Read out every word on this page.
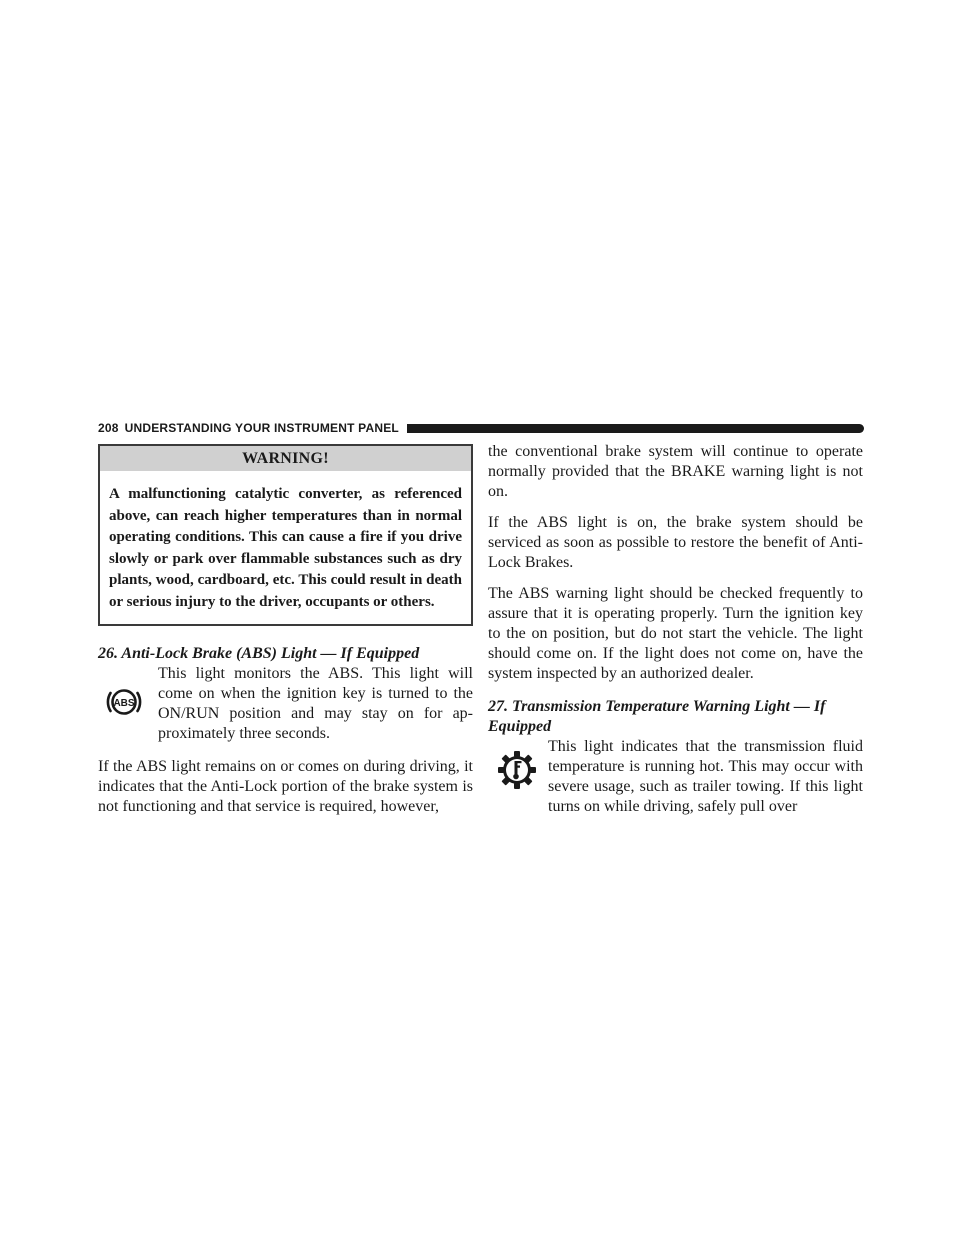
208 UNDERSTANDING YOUR INSTRUMENT PANEL
WARNING!
A malfunctioning catalytic converter, as referenced above, can reach higher temperatures than in normal operating conditions. This can cause a fire if you drive slowly or park over flammable substances such as dry plants, wood, cardboard, etc. This could result in death or serious injury to the driver, occupants or others.

26. Anti-Lock Brake (ABS) Light — If Equipped

ABS

This light monitors the ABS. This light will come on when the ignition key is turned to the ON/RUN position and may stay on for ap-proximately three seconds.

If the ABS light remains on or comes on during driving, it indicates that the Anti-Lock portion of the brake system is not functioning and that service is required, however,

the conventional brake system will continue to operate normally provided that the BRAKE warning light is not on.

If the ABS light is on, the brake system should be serviced as soon as possible to restore the benefit of Anti-Lock Brakes.

The ABS warning light should be checked frequently to assure that it is operating properly. Turn the ignition key to the on position, but do not start the vehicle. The light should come on. If the light does not come on, have the system inspected by an authorized dealer.

27. Transmission Temperature Warning Light — If Equipped

This light indicates that the transmission fluid temperature is running hot. This may occur with severe usage, such as trailer towing. If this light turns on while driving, safely pull over
